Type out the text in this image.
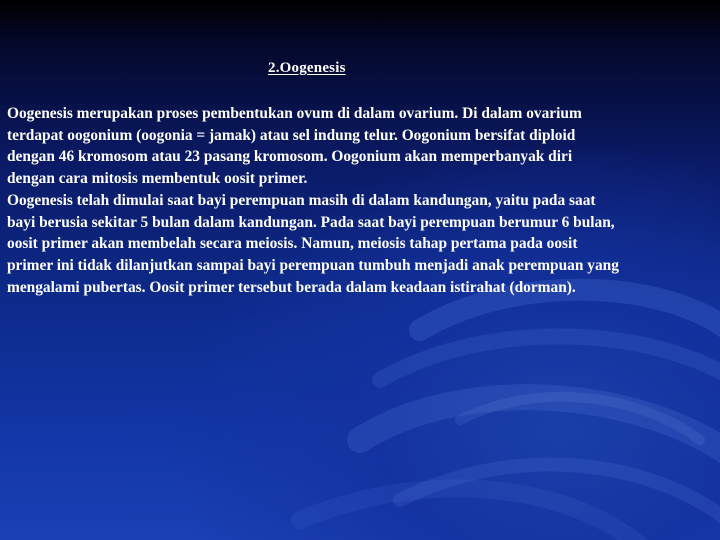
2.Oogenesis

Oogenesis merupakan proses pembentukan ovum di dalam ovarium. Di dalam ovarium
terdapat oogonium (oogonia = jamak) atau sel indung telur. Oogonium bersifat diploid
dengan 46 kromosom atau 23 pasang kromosom. Oogonium akan memperbanyak diri
dengan cara mitosis membentuk oosit primer.
Oogenesis telah dimulai saat bayi perempuan masih di dalam kandungan, yaitu pada saat
bayi berusia sekitar 5 bulan dalam kandungan. Pada saat bayi perempuan berumur 6 bulan,
oosit primer akan membelah secara meiosis. Namun, meiosis tahap pertama pada oosit
primer ini tidak dilanjutkan sampai bayi perempuan tumbuh menjadi anak perempuan yang
mengalami pubertas. Oosit primer tersebut berada dalam keadaan istirahat (dorman).
